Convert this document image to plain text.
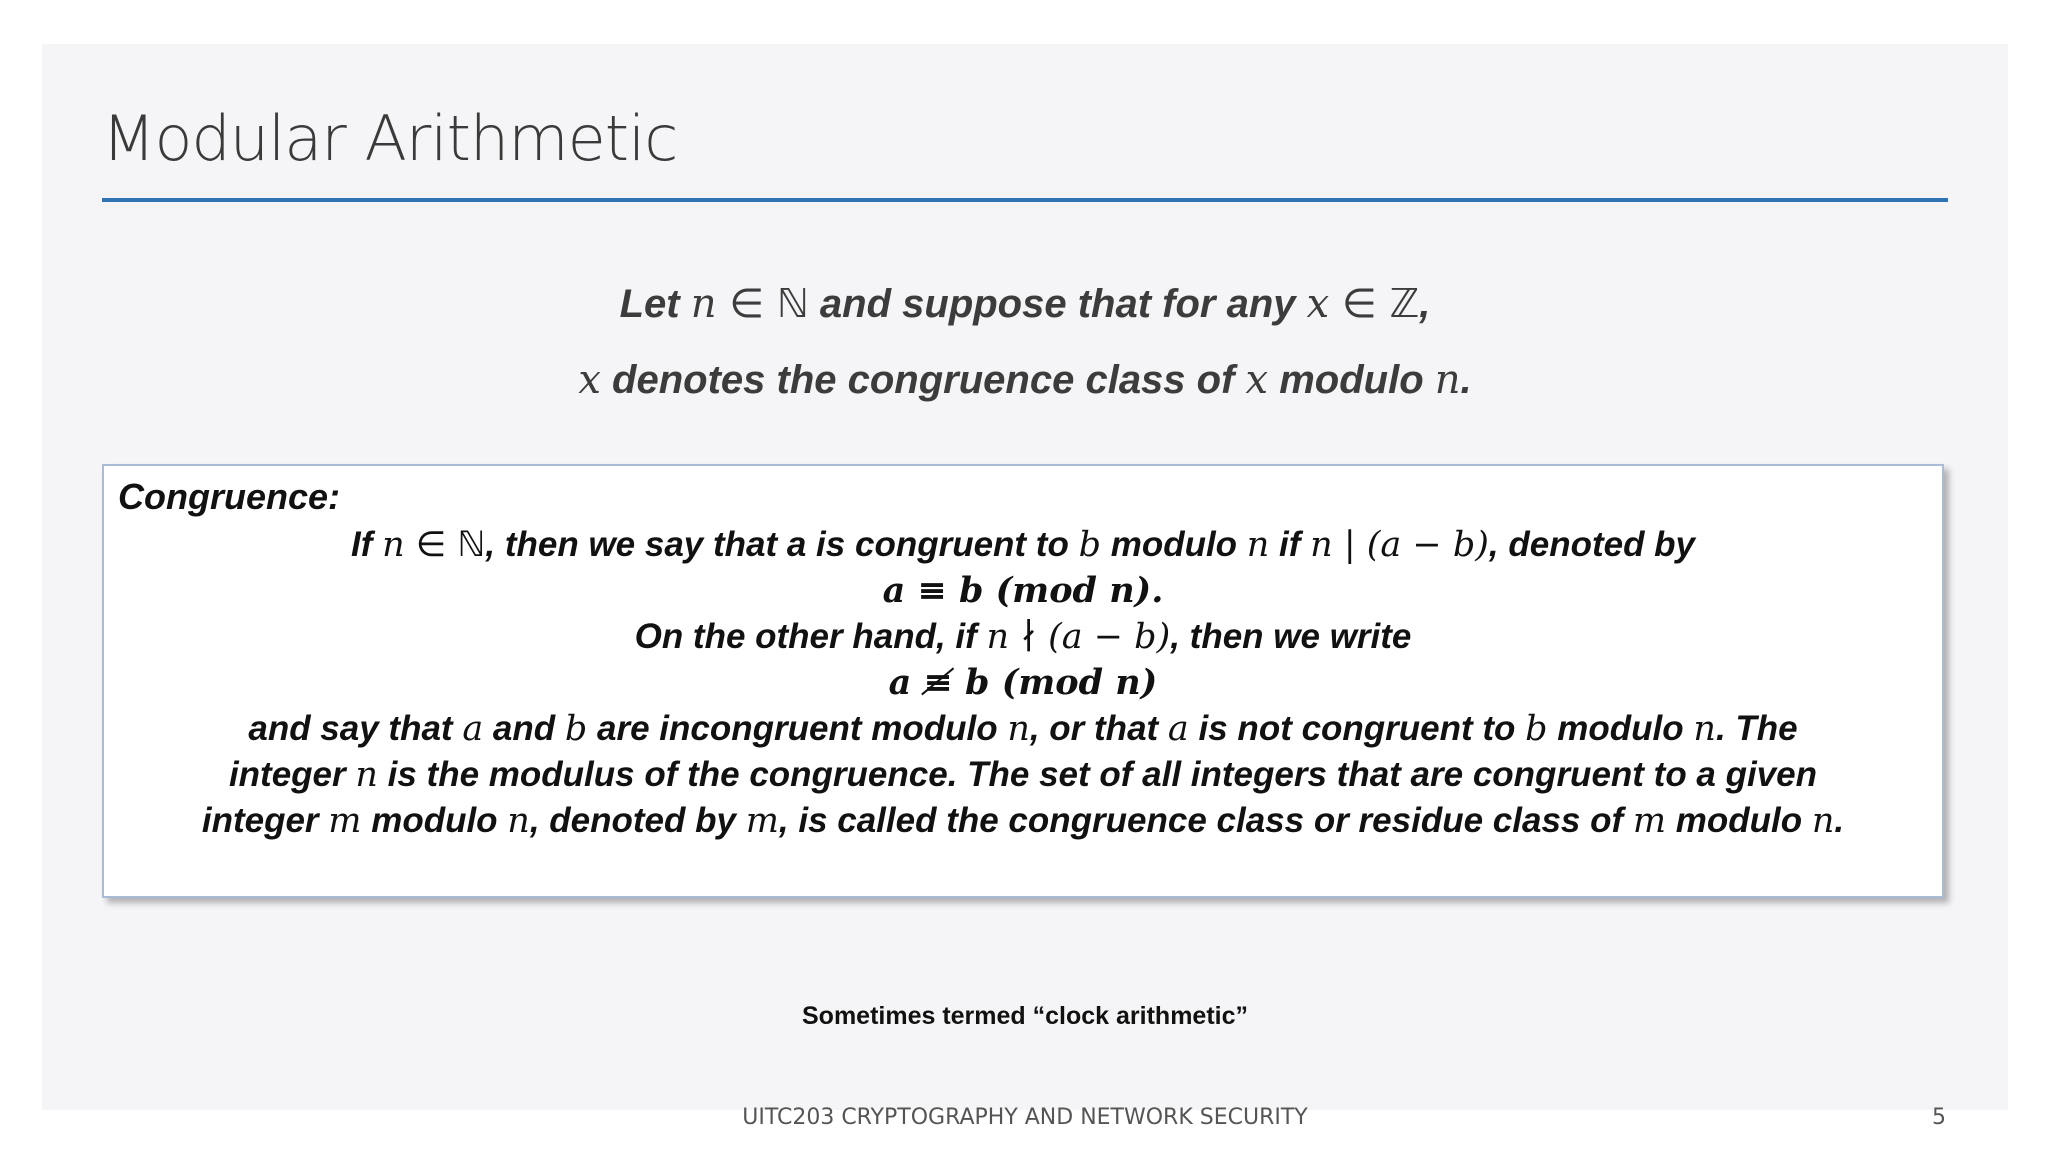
Modular Arithmetic
Let n ∈ ℕ and suppose that for any x ∈ ℤ,
x denotes the congruence class of x modulo n.
Congruence:
If n ∈ ℕ, then we say that a is congruent to b modulo n if n | (a − b), denoted by
a ≡ b (mod n).
On the other hand, if n ∤ (a − b), then we write
a ≢ b (mod n)
and say that a and b are incongruent modulo n, or that a is not congruent to b modulo n. The
integer n is the modulus of the congruence. The set of all integers that are congruent to a given
integer m modulo n, denoted by m, is called the congruence class or residue class of m modulo n.
Sometimes termed “clock arithmetic”
UITC203 CRYPTOGRAPHY AND NETWORK SECURITY	5
